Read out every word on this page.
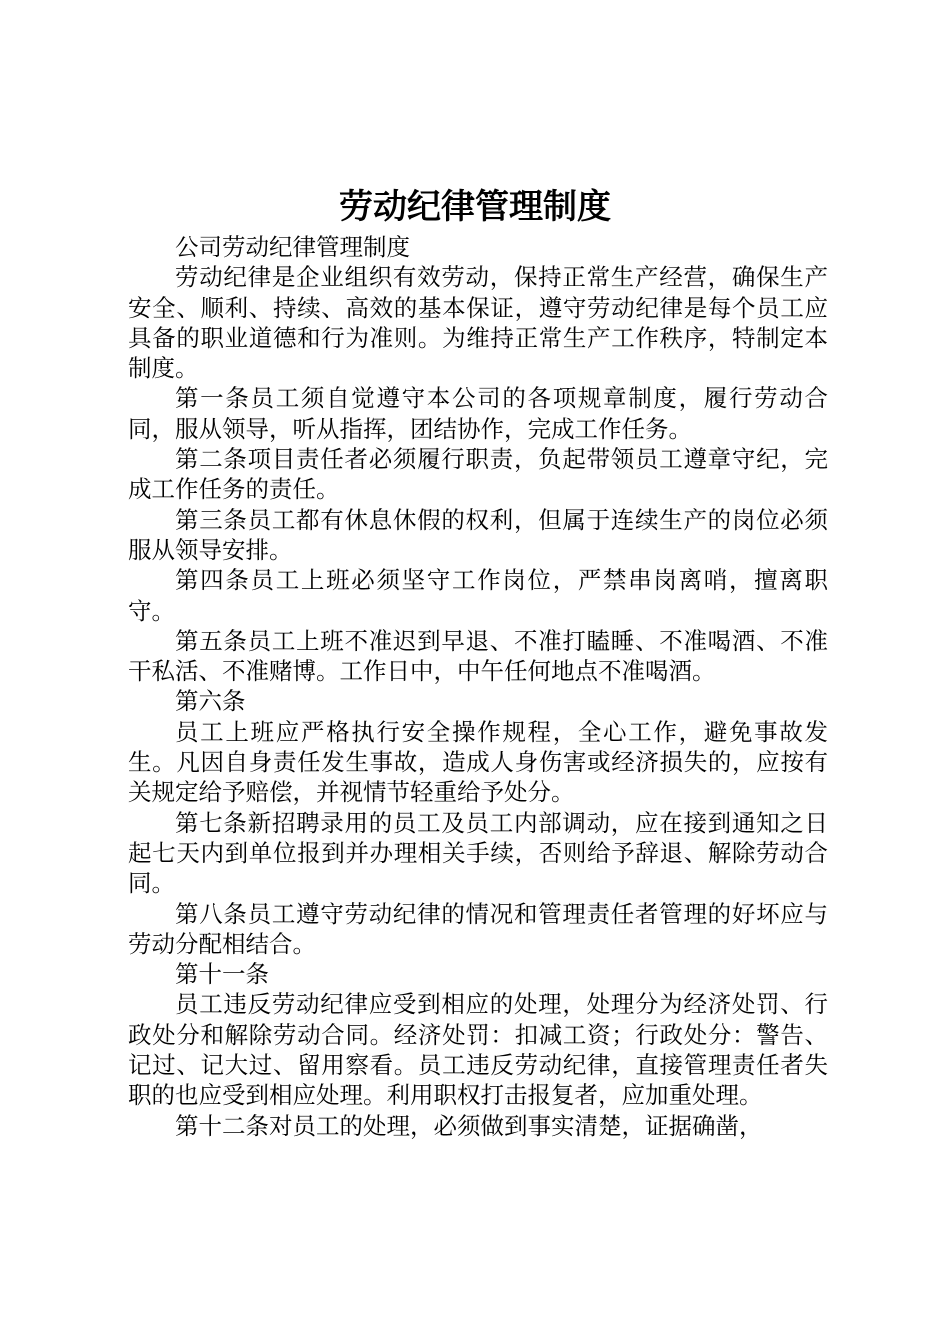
劳动纪律管理制度

公司劳动纪律管理制度

劳动纪律是企业组织有效劳动，保持正常生产经营，确保生产安全、顺利、持续、高效的基本保证，遵守劳动纪律是每个员工应具备的职业道德和行为准则。为维持正常生产工作秩序，特制定本制度。

第一条员工须自觉遵守本公司的各项规章制度，履行劳动合同，服从领导，听从指挥，团结协作，完成工作任务。

第二条项目责任者必须履行职责，负起带领员工遵章守纪，完成工作任务的责任。

第三条员工都有休息休假的权利，但属于连续生产的岗位必须服从领导安排。

第四条员工上班必须坚守工作岗位，严禁串岗离哨，擅离职守。

第五条员工上班不准迟到早退、不准打瞌睡、不准喝酒、不准干私活、不准赌博。工作日中，中午任何地点不准喝酒。

第六条

员工上班应严格执行安全操作规程，全心工作，避免事故发生。凡因自身责任发生事故，造成人身伤害或经济损失的，应按有关规定给予赔偿，并视情节轻重给予处分。

第七条新招聘录用的员工及员工内部调动，应在接到通知之日起七天内到单位报到并办理相关手续，否则给予辞退、解除劳动合同。

第八条员工遵守劳动纪律的情况和管理责任者管理的好坏应与劳动分配相结合。

第十一条

员工违反劳动纪律应受到相应的处理，处理分为经济处罚、行政处分和解除劳动合同。经济处罚：扣减工资；行政处分：警告、记过、记大过、留用察看。员工违反劳动纪律，直接管理责任者失职的也应受到相应处理。利用职权打击报复者，应加重处理。

第十二条对员工的处理，必须做到事实清楚，证据确凿，
